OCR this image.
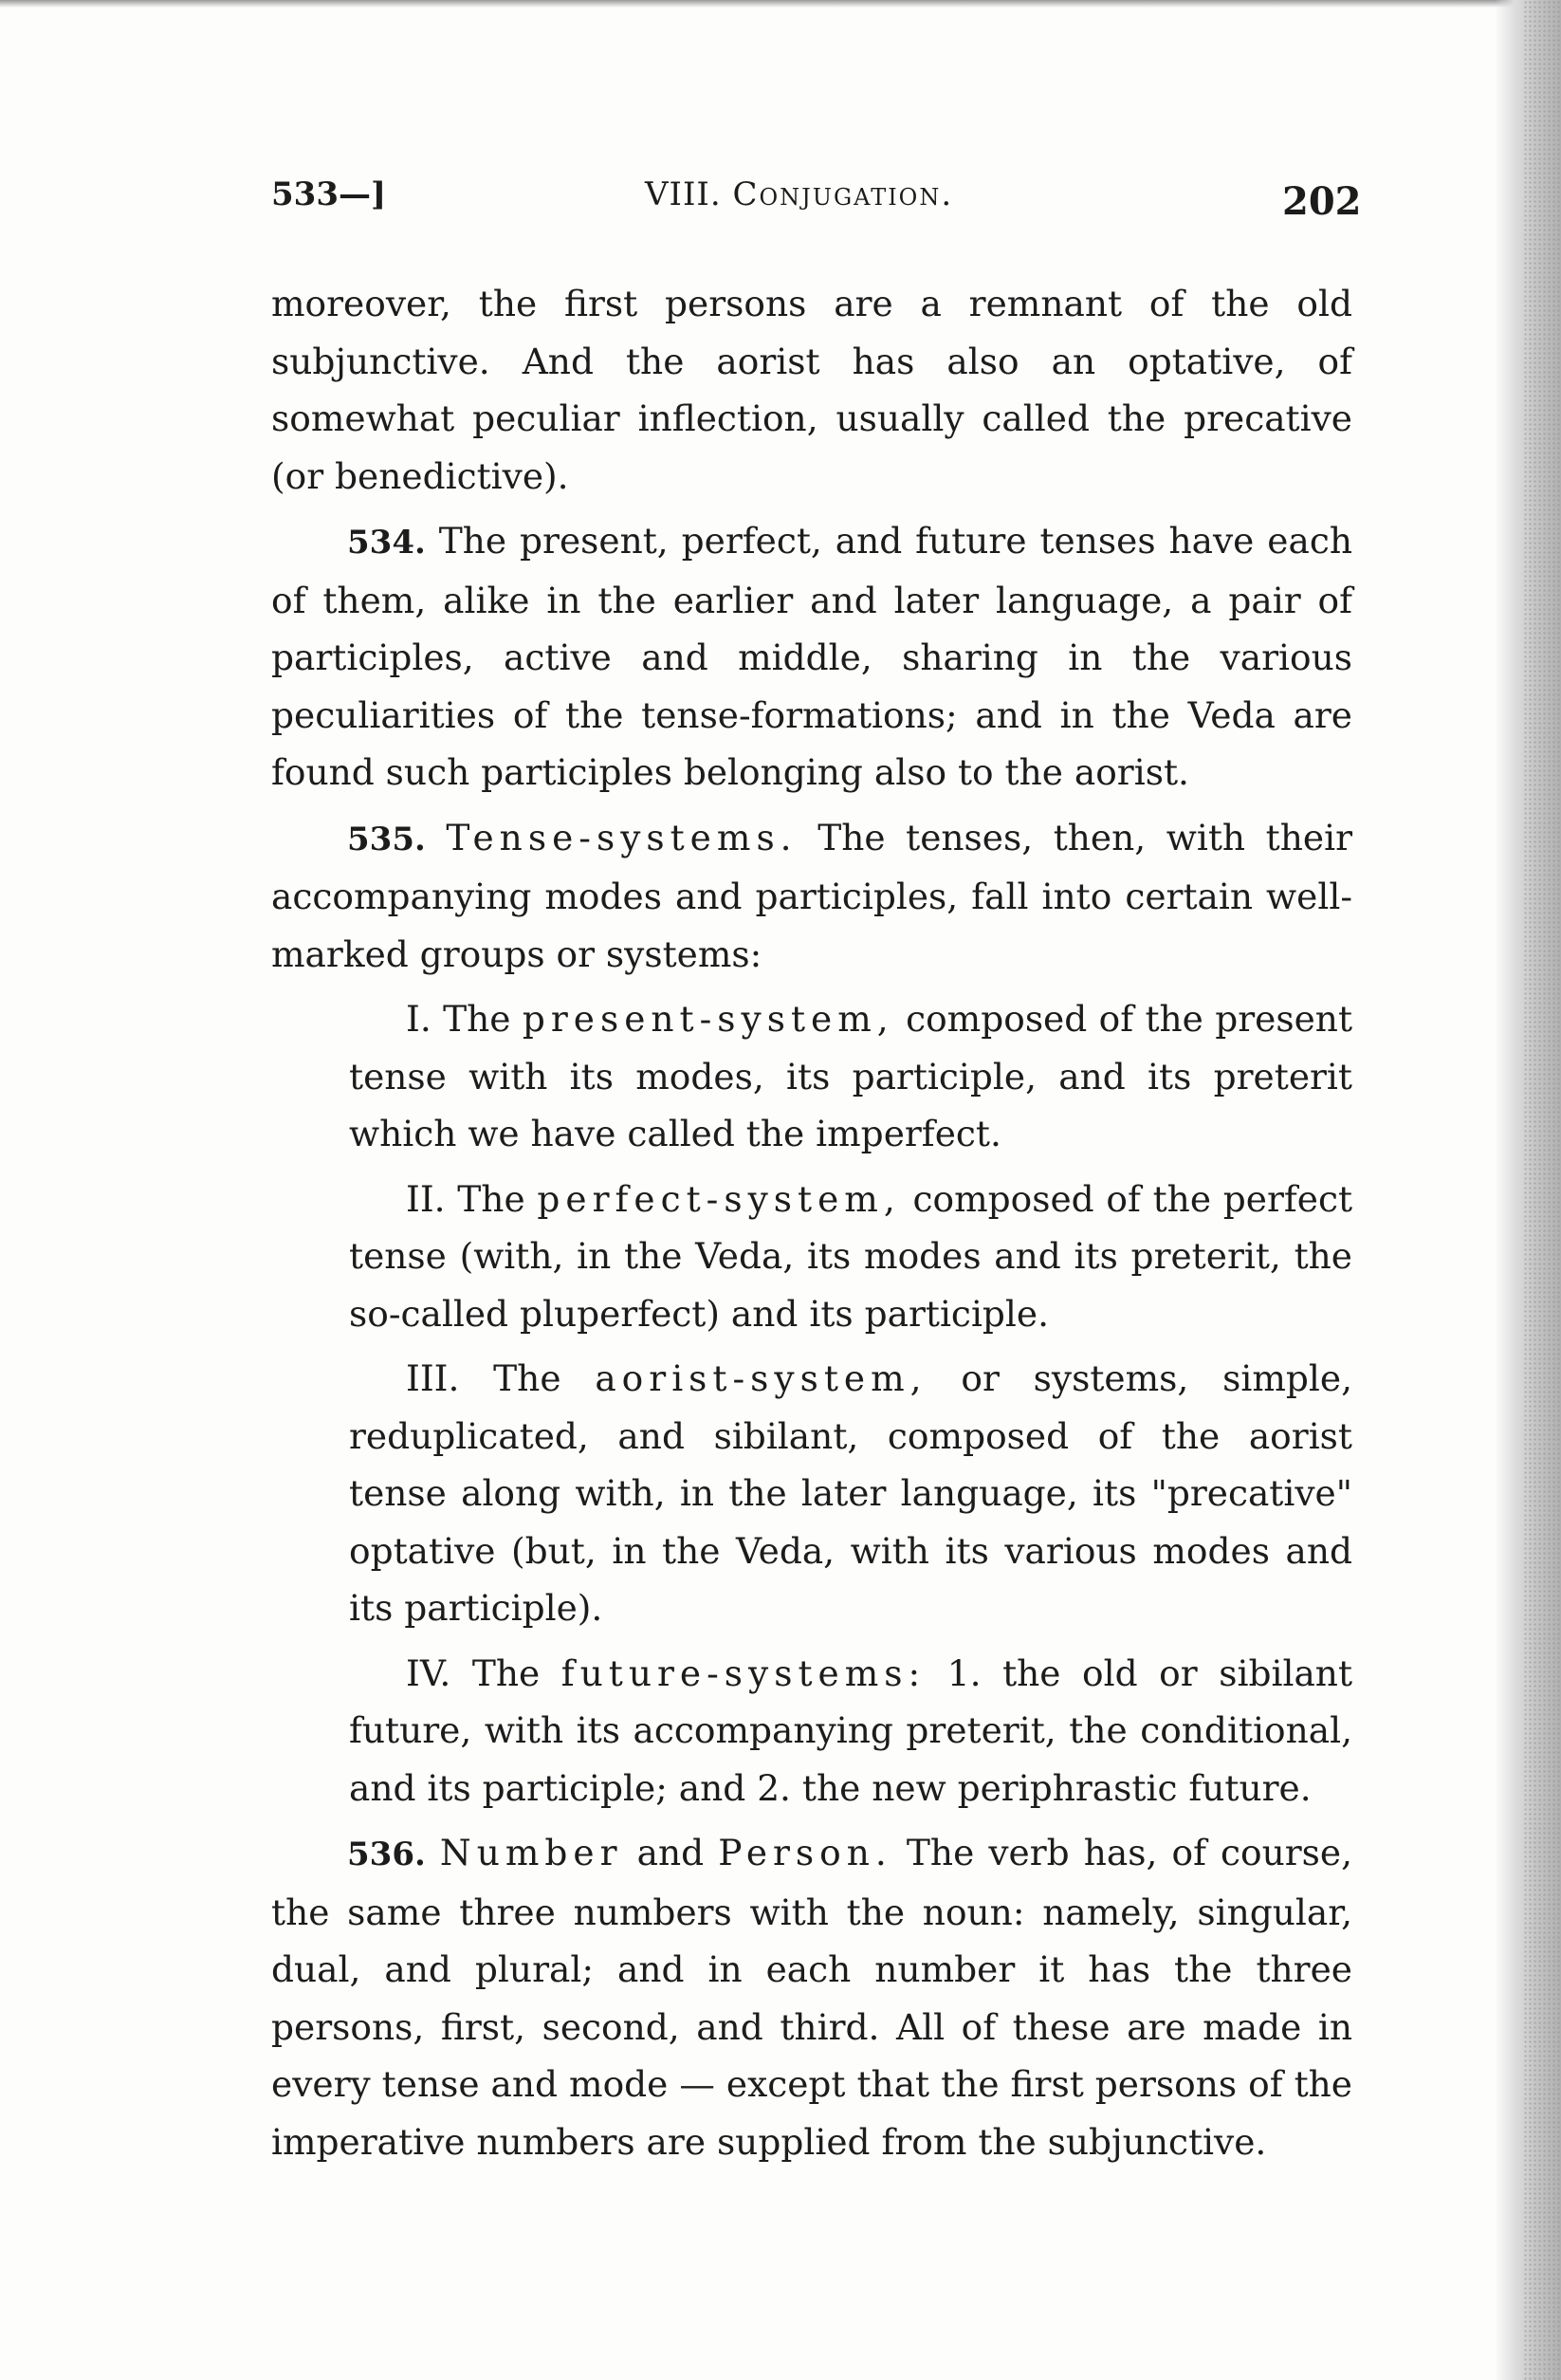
533—]	VIII. Conjugation.	202

moreover, the first persons are a remnant of the old subjunctive. And the aorist has also an optative, of somewhat peculiar inflection, usually called the precative (or benedictive).

534. The present, perfect, and future tenses have each of them, alike in the earlier and later language, a pair of participles, active and middle, sharing in the various peculiarities of the tense-formations; and in the Veda are found such participles belonging also to the aorist.

535. Tense-systems. The tenses, then, with their accompanying modes and participles, fall into certain well-marked groups or systems:

I. The present-system, composed of the present tense with its modes, its participle, and its preterit which we have called the imperfect.

II. The perfect-system, composed of the perfect tense (with, in the Veda, its modes and its preterit, the so-called pluperfect) and its participle.

III. The aorist-system, or systems, simple, reduplicated, and sibilant, composed of the aorist tense along with, in the later language, its "precative" optative (but, in the Veda, with its various modes and its participle).

IV. The future-systems: 1. the old or sibilant future, with its accompanying preterit, the conditional, and its participle; and 2. the new periphrastic future.

536. Number and Person. The verb has, of course, the same three numbers with the noun: namely, singular, dual, and plural; and in each number it has the three persons, first, second, and third. All of these are made in every tense and mode — except that the first persons of the imperative numbers are supplied from the subjunctive.
